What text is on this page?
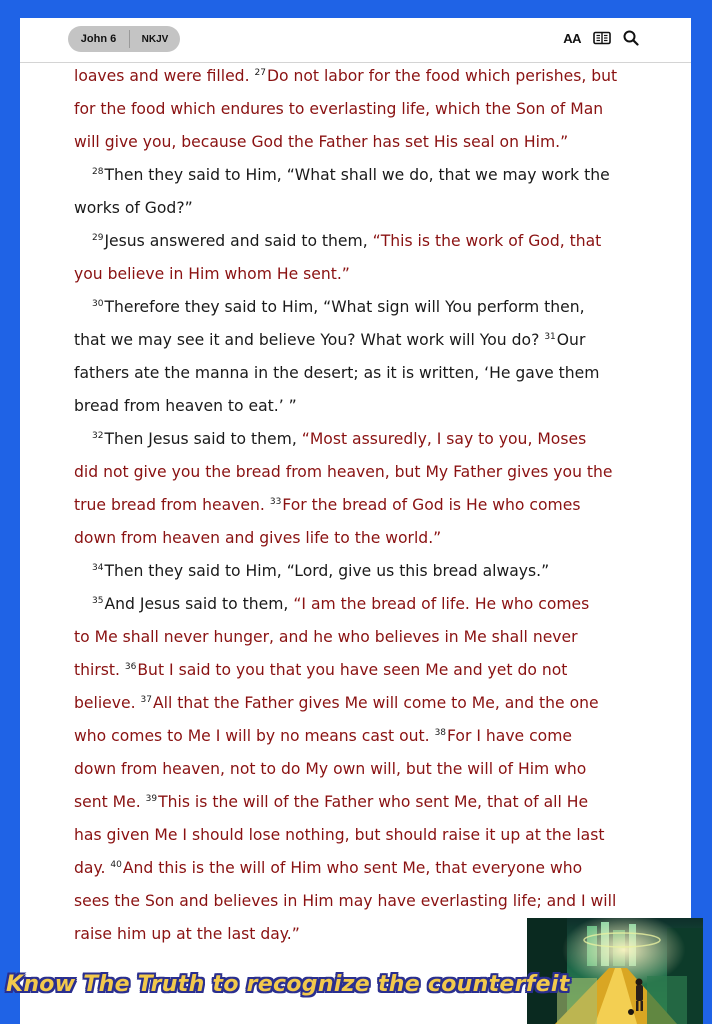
John 6	NKJV	AA

loaves and were filled. $^{27}$Do not labor for the food which perishes, but

for the food which endures to everlasting life, which the Son of Man

will give you, because God the Father has set His seal on Him.”

$^{28}$Then they said to Him, “What shall we do, that we may work the

works of God?”

$^{29}$Jesus answered and said to them, “This is the work of God, that

you believe in Him whom He sent.”

$^{30}$Therefore they said to Him, “What sign will You perform then,

that we may see it and believe You? What work will You do? $^{31}$Our

fathers ate the manna in the desert; as it is written, ‘He gave them

bread from heaven to eat.’ ”

$^{32}$Then Jesus said to them, “Most assuredly, I say to you, Moses

did not give you the bread from heaven, but My Father gives you the

true bread from heaven. $^{33}$For the bread of God is He who comes

down from heaven and gives life to the world.”

$^{34}$Then they said to Him, “Lord, give us this bread always.”

$^{35}$And Jesus said to them, “I am the bread of life. He who comes

to Me shall never hunger, and he who believes in Me shall never

thirst. $^{36}$But I said to you that you have seen Me and yet do not

believe. $^{37}$All that the Father gives Me will come to Me, and the one

who comes to Me I will by no means cast out. $^{38}$For I have come

down from heaven, not to do My own will, but the will of Him who

sent Me. $^{39}$This is the will of the Father who sent Me, that of all He

has given Me I should lose nothing, but should raise it up at the last

day. $^{40}$And this is the will of Him who sent Me, that everyone who

sees the Son and believes in Him may have everlasting life; and I will

raise him up at the last day.”

Know The Truth to recognize the counterfeit
